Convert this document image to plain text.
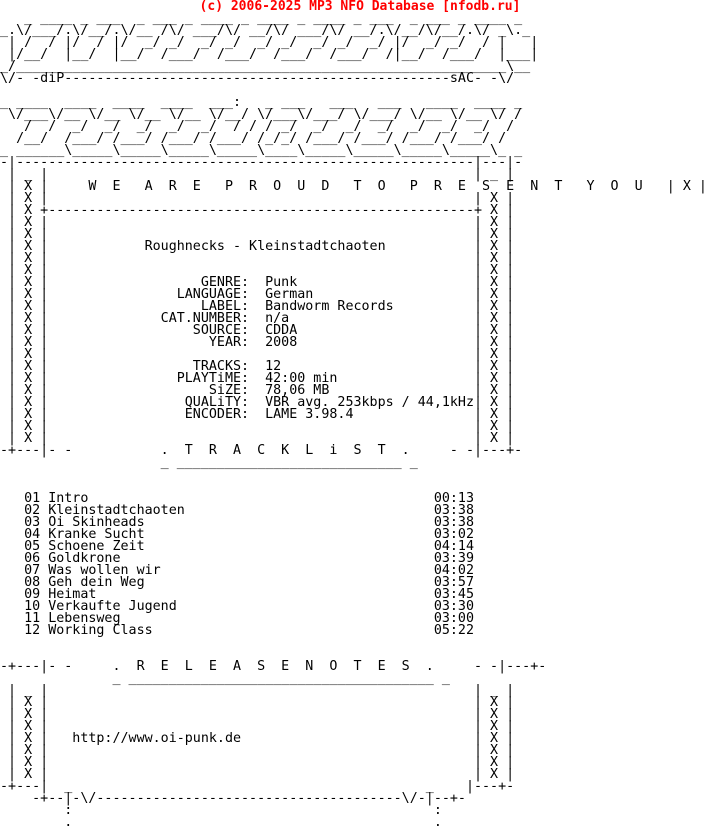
(c) 2006-2025 MP3 NFO Database [nfodb.ru]
_ ____ _ ___  _ ___ _ ____ _ ____ _ ____ _ ___  _ ___ _ ____ _
_.\/___/.\/__/.\/__ /\/ ___/\/ __/\/ ___/\/ __/.\/__/\/__/.\/ _\._
| /  / |/  / |/  _/ _/  _/ _/  _/ _/  _/ _/  _/ |/  _/ _/  / |   |
|/__/  |__/  |__/  /___/  /___/  /___/  /___/  /|__/  /___/  |___|
_/_____________________________________________________________\__
\/- -diP------------------------------------------------sAC- -\/

_ ____  ____  ____  ____  ___:   _ ___   ___   ___   ____  ____ _
\/___\/__ \/__ \/__ \/__ \/__/ \/___\/___/ \/___/ \/__ \/__ \/ /
/  /  _/  _/  _/  _/  _/  / / / _/  _/  _/  _/  _/  _/  _/  /
/__/  /___/ /___/ /___/ /___/ /_/_/ /___/ /___/ /___/ /___/ /
_ ______\_____\_____\_____\_____\____\_____\_____\_____\_____\_ _
-|---------------------------------------------------------|---|-
| _ |                                                     | _ |
| X |     W  E   A  R  E   P  R  O  U  D   T  O   P  R  E  S  E  N  T   Y  O  U   | X |
| X |                                                     | X |
| X +-----------------------------------------------------+ X |
| X |                                                     | X |
| X |                                                     | X |
| X |            Roughnecks - Kleinstadtchaoten           | X |
| X |                                                     | X |
| X |                                                     | X |
| X |                   GENRE:  Punk                      | X |
| X |                LANGUAGE:  German                    | X |
| X |                   LABEL:  Bandworm Records          | X |
| X |              CAT.NUMBER:  n/a                       | X |
| X |                  SOURCE:  CDDA                      | X |
| X |                    YEAR:  2008                      | X |
| X |                                                     | X |
| X |                  TRACKS:  12                        | X |
| X |                PLAYTiME:  42:00 min                 | X |
| X |                    SiZE:  78,06 MB                  | X |
| X |                 QUALiTY:  VBR avg. 253kbps / 44,1kHz| X |
| X |                 ENCODER:  LAME 3.98.4               | X |
| X |                                                     | X |
| X |                                                     | X |
-+---|- -           .  T  R  A  C  K  L  i  S  T  .     - -|---+-
_ ____________________________ _

01 Intro                                           00:13
02 Kleinstadtchaoten                               03:38
03 Oi Skinheads                                    03:38
04 Kranke Sucht                                    03:02
05 Schoene Zeit                                    04:14
06 Goldkrone                                       03:39
07 Was wollen wir                                  04:02
08 Geh dein Weg                                    03:57
09 Heimat                                          03:45
10 Verkaufte Jugend                                03:30
11 Lebensweg                                       03:00
12 Working Class                                   05:22

-+---|- -     .  R  E  L  E  A  S  E  N  O  T  E  S  .     - -|---+-
_ ______________________________________ _
| _ |                                                     | _ |
| X |                                                     | X |
| X |                                                     | X |
| X |                                                     | X |
| X |   http://www.oi-punk.de                             | X |
| X |                                                     | X |
| X |                                                     | X |
| X |                                                     | X |
-+---|  _                                            _    |---+-
-+--|-\/--------------------------------------\/-|--+-
:                                             :
.                                             .
